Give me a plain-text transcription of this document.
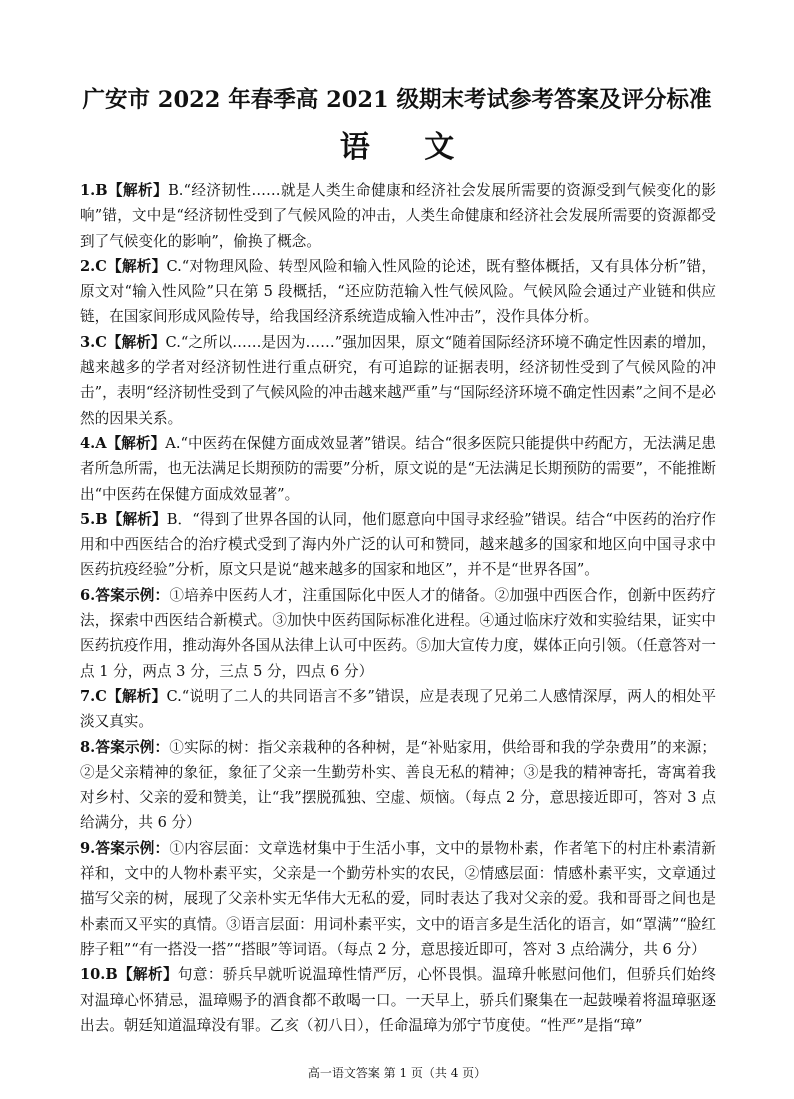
广安市 2022 年春季高 2021 级期末考试参考答案及评分标准
语 文

1.B【解析】B.“经济韧性……就是人类生命健康和经济社会发展所需要的资源受到气候变化的影响”错，文中是“经济韧性受到了气候风险的冲击，人类生命健康和经济社会发展所需要的资源都受到了气候变化的影响”，偷换了概念。

2.C【解析】C.“对物理风险、转型风险和输入性风险的论述，既有整体概括，又有具体分析”错，原文对“输入性风险”只在第 5 段概括，“还应防范输入性气候风险。气候风险会通过产业链和供应链，在国家间形成风险传导，给我国经济系统造成输入性冲击”，没作具体分析。

3.C【解析】C.“之所以……是因为……”强加因果，原文“随着国际经济环境不确定性因素的增加，越来越多的学者对经济韧性进行重点研究，有可追踪的证据表明，经济韧性受到了气候风险的冲击”，表明“经济韧性受到了气候风险的冲击越来越严重”与“国际经济环境不确定性因素”之间不是必然的因果关系。

4.A【解析】A.“中医药在保健方面成效显著”错误。结合“很多医院只能提供中药配方，无法满足患者所急所需，也无法满足长期预防的需要”分析，原文说的是“无法满足长期预防的需要”，不能推断出“中医药在保健方面成效显著”。

5.B【解析】B．“得到了世界各国的认同，他们愿意向中国寻求经验”错误。结合“中医药的治疗作用和中西医结合的治疗模式受到了海内外广泛的认可和赞同，越来越多的国家和地区向中国寻求中医药抗疫经验”分析，原文只是说“越来越多的国家和地区”，并不是“世界各国”。

6.答案示例：①培养中医药人才，注重国际化中医人才的储备。②加强中西医合作，创新中医药疗法，探索中西医结合新模式。③加快中医药国际标准化进程。④通过临床疗效和实验结果，证实中医药抗疫作用，推动海外各国从法律上认可中医药。⑤加大宣传力度，媒体正向引领。（任意答对一点 1 分，两点 3 分，三点 5 分，四点 6 分）

7.C【解析】C.“说明了二人的共同语言不多”错误，应是表现了兄弟二人感情深厚，两人的相处平淡又真实。

8.答案示例：①实际的树：指父亲栽种的各种树，是“补贴家用，供给哥和我的学杂费用”的来源；②是父亲精神的象征，象征了父亲一生勤劳朴实、善良无私的精神；③是我的精神寄托，寄寓着我对乡村、父亲的爱和赞美，让“我”摆脱孤独、空虚、烦恼。（每点 2 分，意思接近即可，答对 3 点给满分，共 6 分）

9.答案示例：①内容层面：文章选材集中于生活小事，文中的景物朴素，作者笔下的村庄朴素清新祥和，文中的人物朴素平实，父亲是一个勤劳朴实的农民，②情感层面：情感朴素平实，文章通过描写父亲的树，展现了父亲朴实无华伟大无私的爱，同时表达了我对父亲的爱。我和哥哥之间也是朴素而又平实的真情。③语言层面：用词朴素平实，文中的语言多是生活化的语言，如“罩满”“脸红脖子粗”“有一搭没一搭”“搭眼”等词语。（每点 2 分，意思接近即可，答对 3 点给满分，共 6 分）

10.B【解析】句意：骄兵早就听说温璋性情严厉，心怀畏惧。温璋升帐慰问他们，但骄兵们始终对温璋心怀猜忌，温璋赐予的酒食都不敢喝一口。一天早上，骄兵们聚集在一起鼓噪着将温璋驱逐出去。朝廷知道温璋没有罪。乙亥（初八日），任命温璋为邠宁节度使。“性严”是指“璋”

高一语文答案 第 1 页（共 4 页）
